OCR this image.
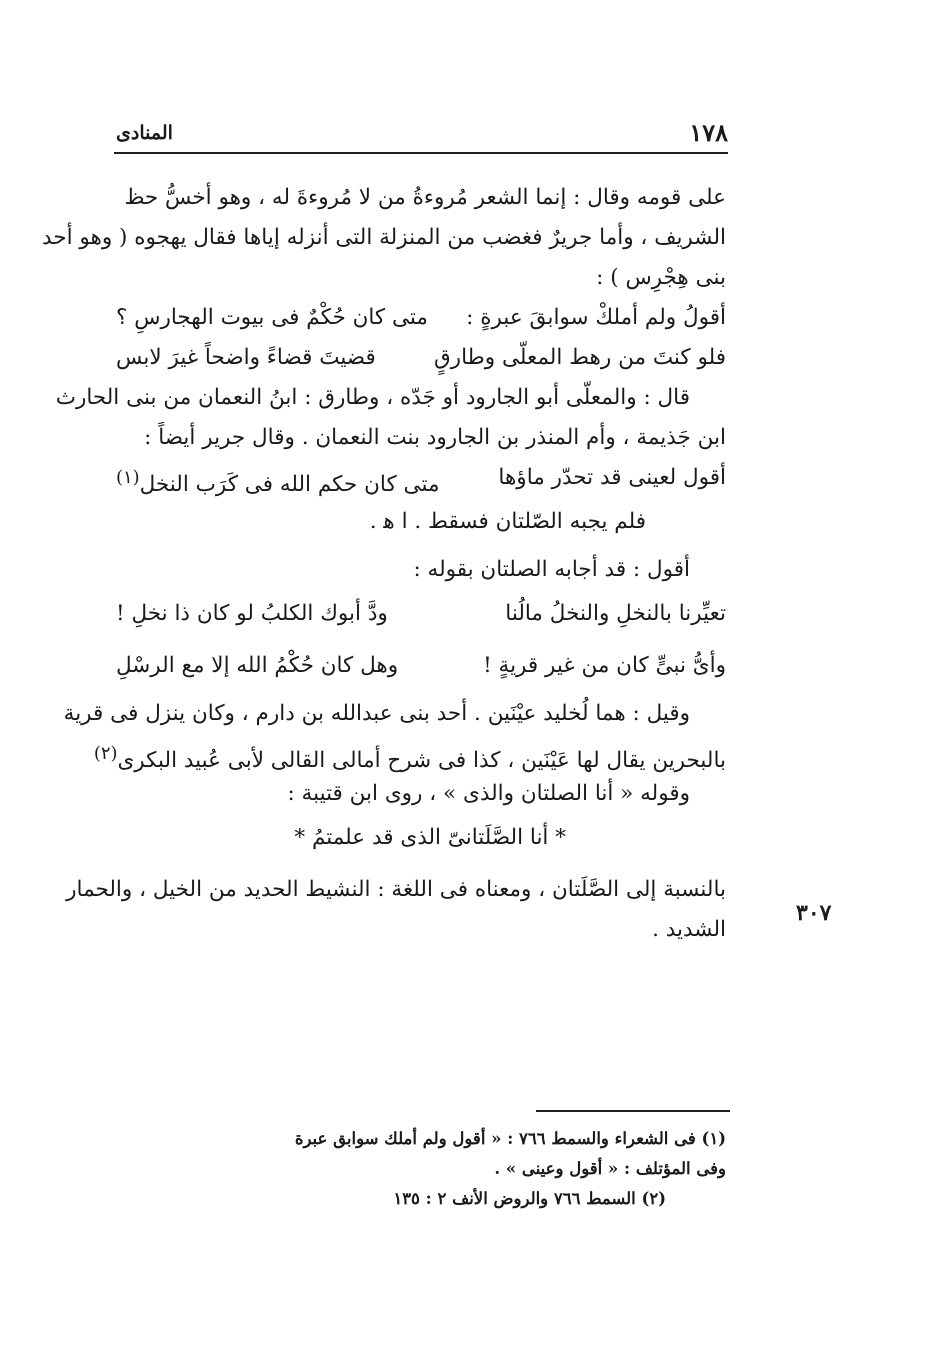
١٧٨
المنادى
على قومه وقال : إنما الشعر مُروءةُ من لا مُروءةَ له ، وهو أخسُّ حظ
الشريف ، وأما جريرٌ فغضب من المنزلة التى أنزله إياها فقال يهجوه ( وهو أحد
بنى هِجْرِس ) :
أقولُ ولم أملكْ سوابقَ عبرةٍ :
متى كان حُكْمٌ فى بيوت الهجارسِ ؟
فلو كنتَ من رهط المعلّى وطارقٍ
قضيتَ قضاءً واضحاً غيرَ لابس
قال : والمعلّى أبو الجارود أو جَدّه ، وطارق : ابنُ النعمان من بنى الحارث
ابن جَذيمة ، وأم المنذر بن الجارود بنت النعمان . وقال جرير أيضاً :
أقول لعينى قد تحدّر ماؤها
متى كان حكم الله فى كَرَب النخل$^{(١)}$
فلم يجبه الصّلتان فسقط . ا ﻫ .
أقول : قد أجابه الصلتان بقوله :
تعيِّرنا بالنخلِ والنخلُ مالُنا
ودَّ أبوك الكلبُ لو كان ذا نخلِ !
وأىُّ نبىٍّ كان من غير قريةٍ !
وهل كان حُكْمُ الله إلا مع الرسْلِ
وقيل : هما لُخليد عيْنَين . أحد بنى عبدالله بن دارم ، وكان ينزل فى قرية
بالبحرين يقال لها عَيْنَين ، كذا فى شرح أمالى القالى لأبى عُبيد البكرى$^{(٢)}$
وقوله « أنا الصلتان والذى » ، روى ابن قتيبة :
* أنا الصَّلَتانىّ الذى قد علمتمُ *
بالنسبة إلى الصَّلَتان ، ومعناه فى اللغة : النشيط الحديد من الخيل ، والحمار
الشديد .
٣٠٧
(١) فى الشعراء والسمط ٧٦٦ : « أقول ولم أملك سوابق عبرة
وفى المؤتلف : « أقول وعينى » .
(٢) السمط ٧٦٦ والروض الأنف ٢ : ١٣٥
